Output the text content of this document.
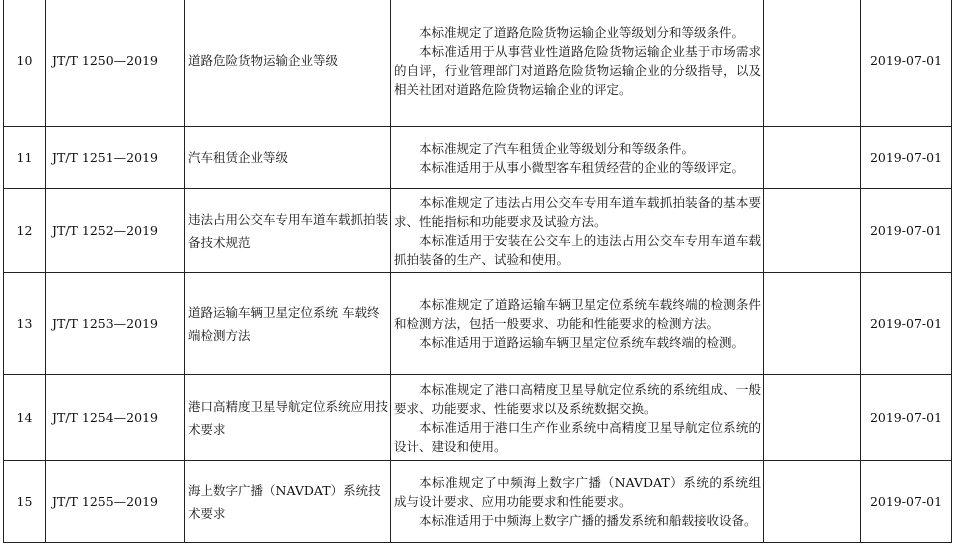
10	JT/T 1250—2019	道路危险货物运输企业等级	本标准规定了道路危险货物运输企业等级划分和等级条件。

本标准适用于从事营业性道路危险货物运输企业基于市场需求的自评，行业管理部门对道路危险货物运输企业的分级指导，以及相关社团对道路危险货物运输企业的评定。		2019-07-01
11	JT/T 1251—2019	汽车租赁企业等级	本标准规定了汽车租赁企业等级划分和等级条件。

本标准适用于从事小微型客车租赁经营的企业的等级评定。		2019-07-01
12	JT/T 1252—2019	违法占用公交车专用车道车载抓拍装备技术规范	本标准规定了违法占用公交车专用车道车载抓拍装备的基本要求、性能指标和功能要求及试验方法。

本标准适用于安装在公交车上的违法占用公交车专用车道车载抓拍装备的生产、试验和使用。		2019-07-01
13	JT/T 1253—2019	道路运输车辆卫星定位系统 车载终端检测方法	本标准规定了道路运输车辆卫星定位系统车载终端的检测条件和检测方法，包括一般要求、功能和性能要求的检测方法。

本标准适用于道路运输车辆卫星定位系统车载终端的检测。		2019-07-01
14	JT/T 1254—2019	港口高精度卫星导航定位系统应用技术要求	本标准规定了港口高精度卫星导航定位系统的系统组成、一般要求、功能要求、性能要求以及系统数据交换。

本标准适用于港口生产作业系统中高精度卫星导航定位系统的设计、建设和使用。		2019-07-01
15	JT/T 1255—2019	海上数字广播（NAVDAT）系统技术要求	本标准规定了中频海上数字广播（NAVDAT）系统的系统组成与设计要求、应用功能要求和性能要求。

本标准适用于中频海上数字广播的播发系统和船载接收设备。		2019-07-01
